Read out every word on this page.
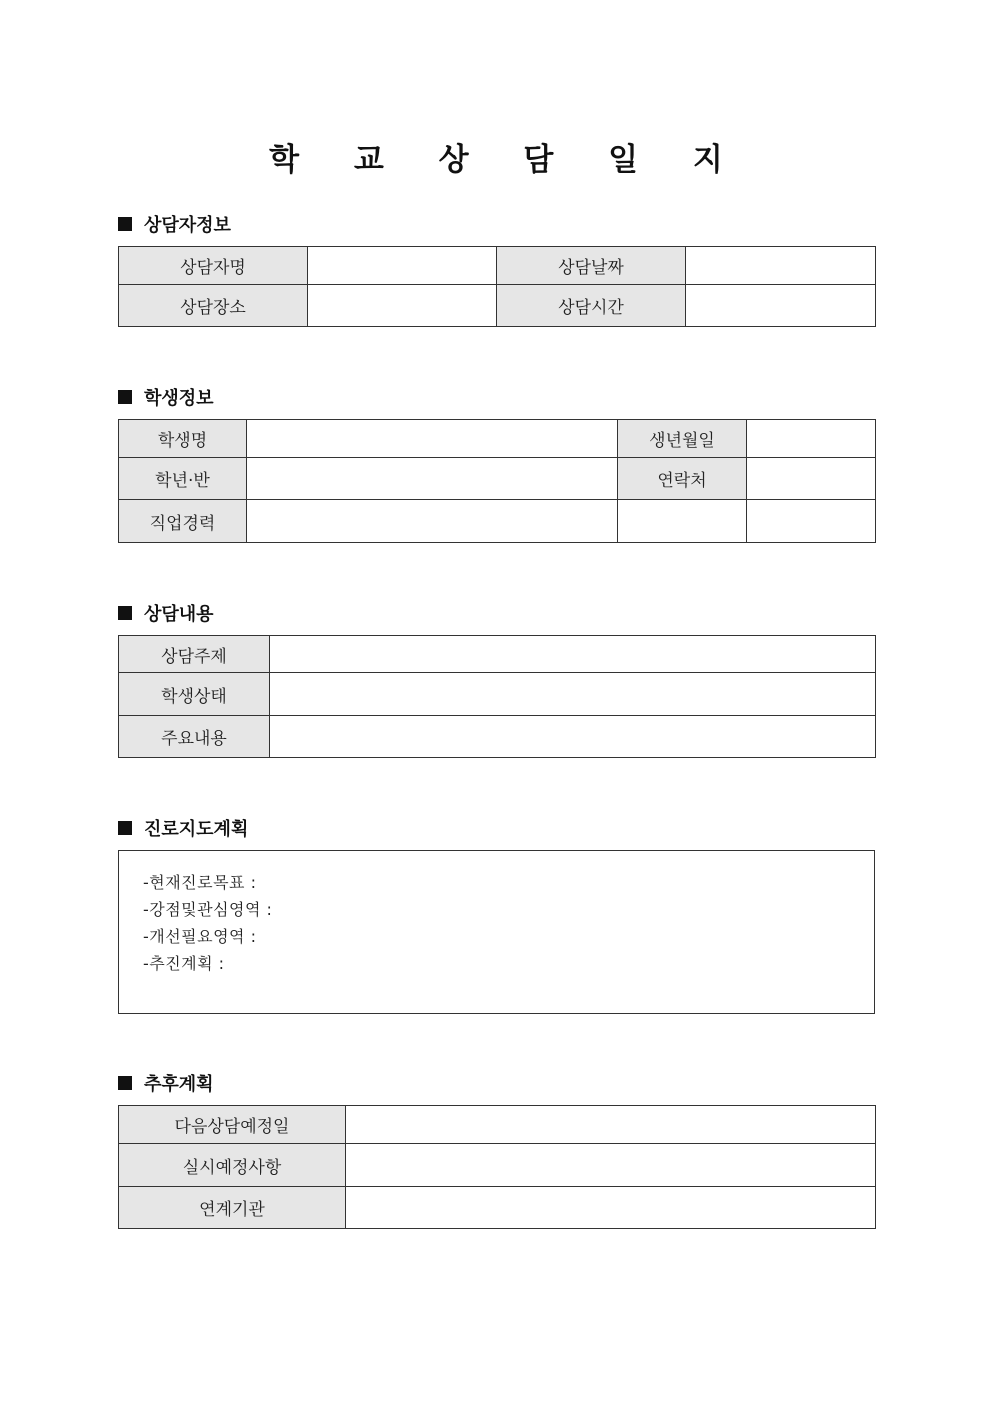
학 교 상 담 일 지
상담자정보
상담자명		상담날짜	
상담장소		상담시간	
학생정보
학생명		생년월일	
학년·반		연락처	
직업경력			
상담내용
상담주제	
학생상태	
주요내용	
진로지도계획
-현재진로목표 :
-강점및관심영역 :
-개선필요영역 :
-추진계획 :
추후계획
다음상담예정일	
실시예정사항	
연계기관	
